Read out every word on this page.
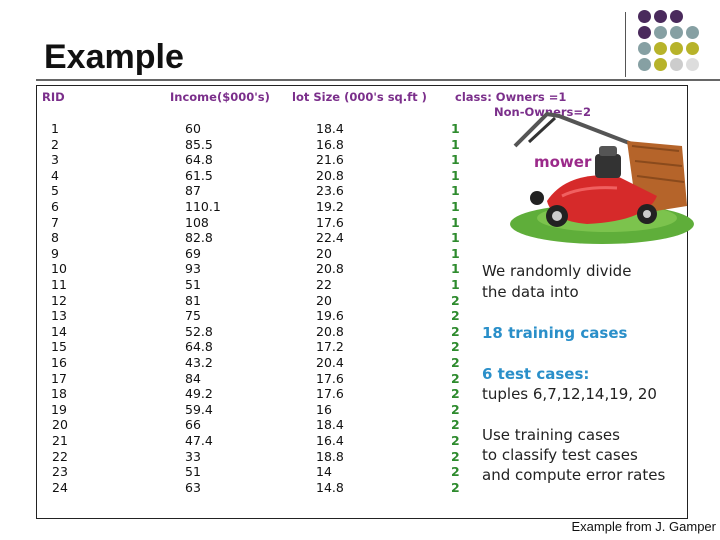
Example
RID	Income($000's) lot Size (000's sq.ft ) class: Owners =1
Non-Owners=2
1	60	18.4	1
2	85.5	16.8	1
3	64.8	21.6	1
4	61.5	20.8	1
5	87	23.6	1
6	110.1	19.2	1
7	108	17.6	1
8	82.8	22.4	1
9	69	20	1
10	93	20.8	1
11	51	22	1
12	81	20	2
13	75	19.6	2
14	52.8	20.8	2
15	64.8	17.2	2
16	43.2	20.4	2
17	84	17.6	2
18	49.2	17.6	2
19	59.4	16	2
20	66	18.4	2
21	47.4	16.4	2
22	33	18.8	2
23	51	14	2
24	63	14.8	2
mower
We randomly divide
the data into
18 training cases
6 test cases:
tuples 6,7,12,14,19, 20
Use training cases
to classify test cases
and compute error rates
Example from J. Gamper
